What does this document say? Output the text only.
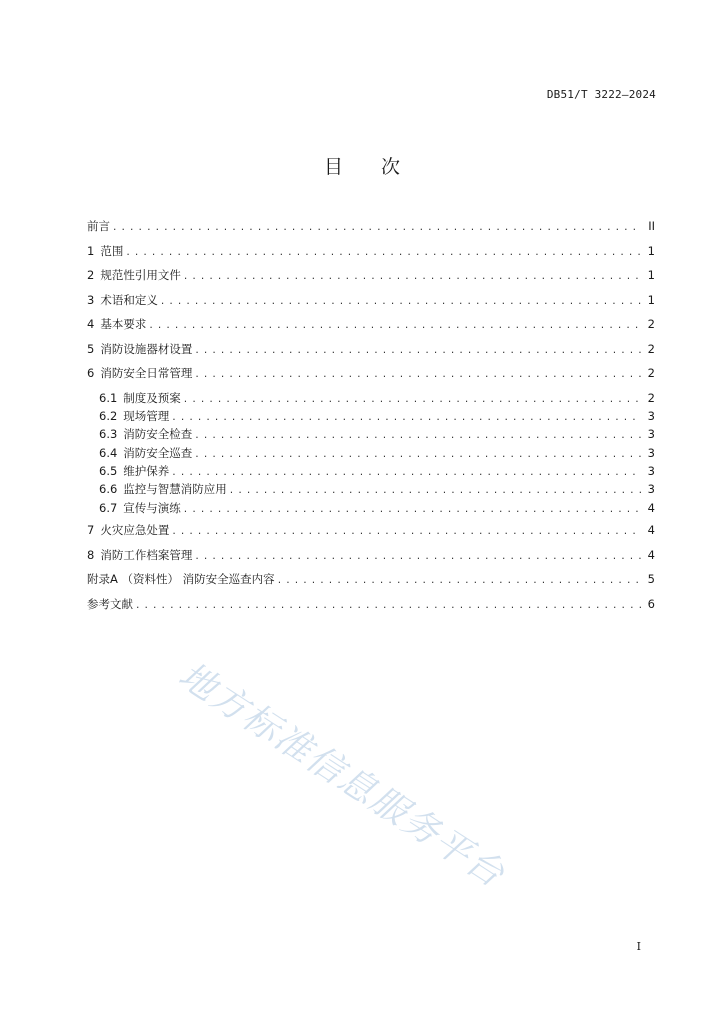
DB51/T 3222—2024
目次
前言 .....	II
1 范围 .....	1
2 规范性引用文件 .....	1
3 术语和定义 .....	1
4 基本要求 .....	2
5 消防设施器材设置 .....	2
6 消防安全日常管理 .....	2
6.1 制度及预案 .....	2
6.2 现场管理 .....	3
6.3 消防安全检查 .....	3
6.4 消防安全巡查 .....	3
6.5 维护保养 .....	3
6.6 监控与智慧消防应用 .....	3
6.7 宣传与演练 .....	4
7 火灾应急处置 .....	4
8 消防工作档案管理 .....	4
附录A （资料性） 消防安全巡查内容 .....	5
参考文献 .....	6
地方标准信息服务平台
I
